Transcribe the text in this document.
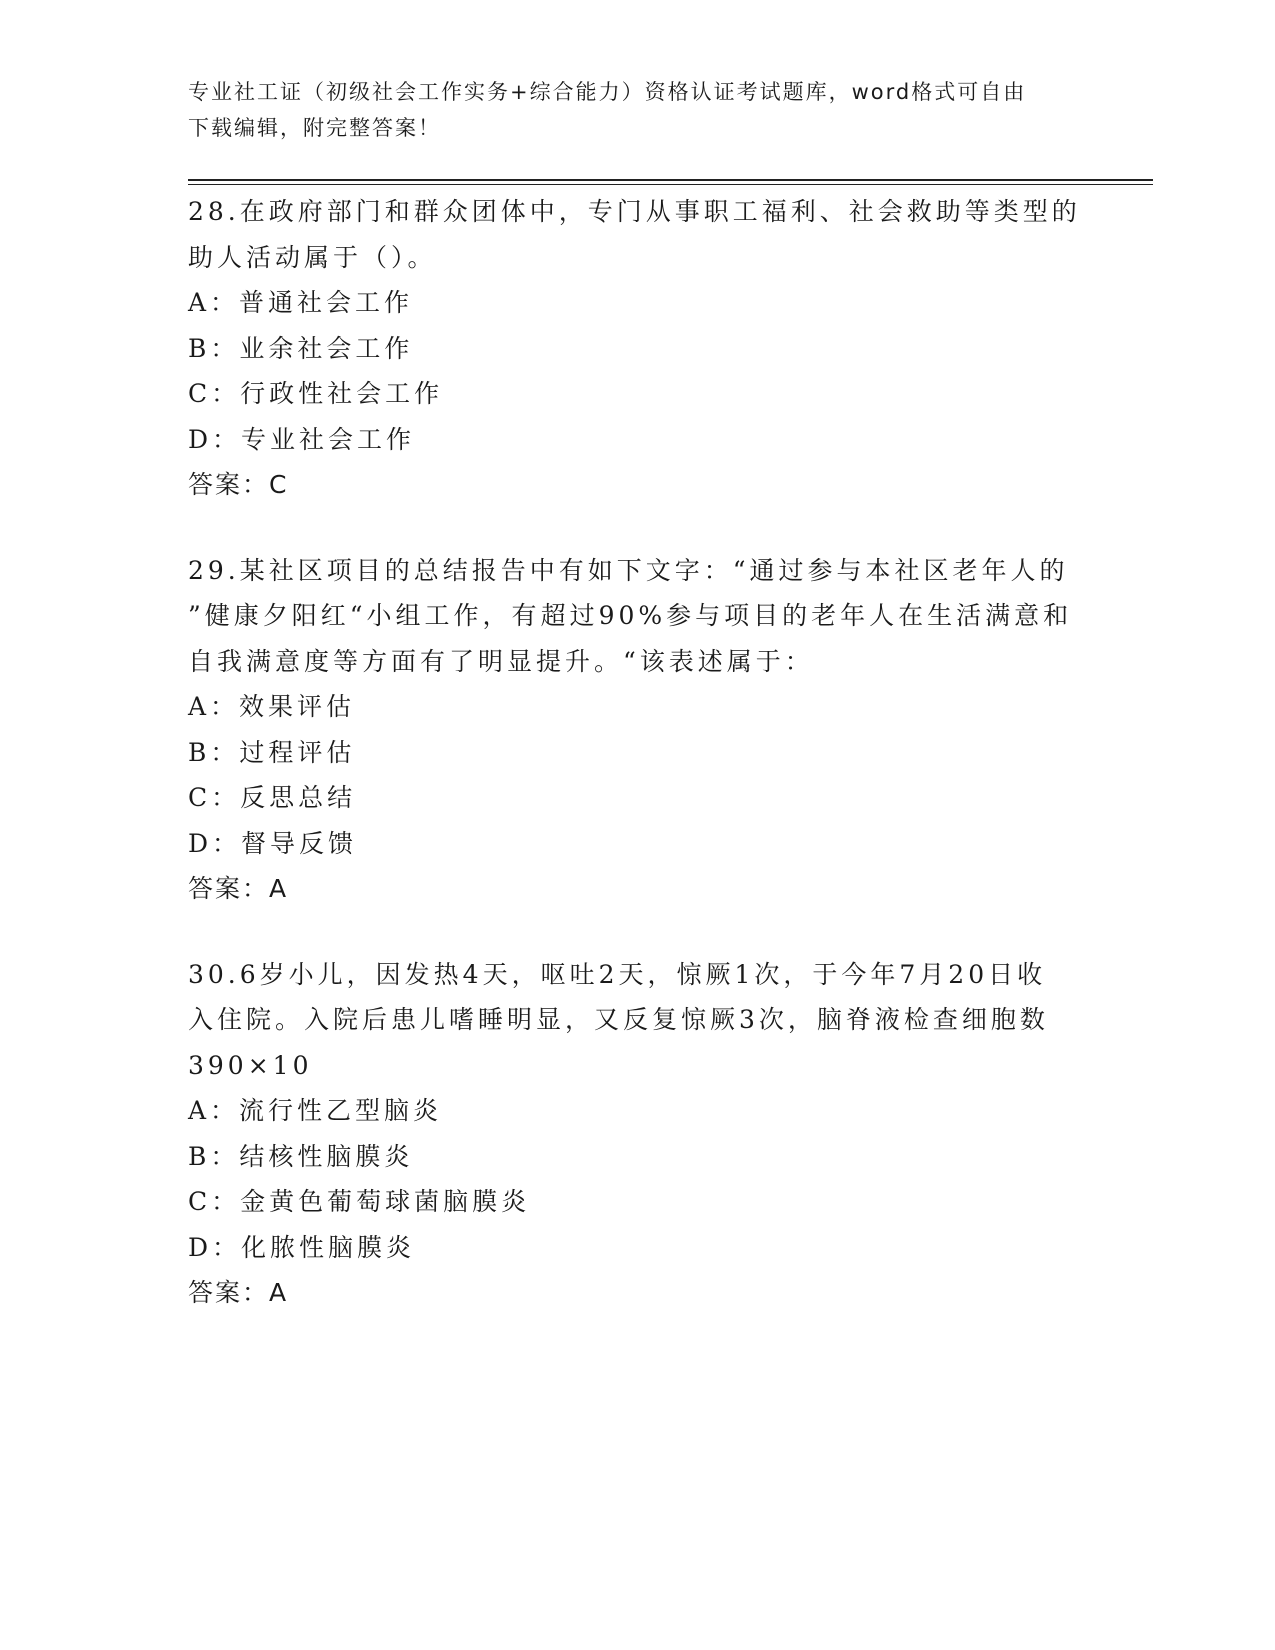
专业社工证（初级社会工作实务+综合能力）资格认证考试题库，word格式可自由
下载编辑，附完整答案！
28.在政府部门和群众团体中，专门从事职工福利、社会救助等类型的
助人活动属于（）。
A：普通社会工作
B：业余社会工作
C：行政性社会工作
D：专业社会工作
答案：C
29.某社区项目的总结报告中有如下文字：“通过参与本社区老年人的
”健康夕阳红“小组工作，有超过90%参与项目的老年人在生活满意和
自我满意度等方面有了明显提升。“该表述属于：
A：效果评估
B：过程评估
C：反思总结
D：督导反馈
答案：A
30.6岁小儿，因发热4天，呕吐2天，惊厥1次，于今年7月20日收
入住院。入院后患儿嗜睡明显，又反复惊厥3次，脑脊液检查细胞数
390×10
A：流行性乙型脑炎
B：结核性脑膜炎
C：金黄色葡萄球菌脑膜炎
D：化脓性脑膜炎
答案：A
